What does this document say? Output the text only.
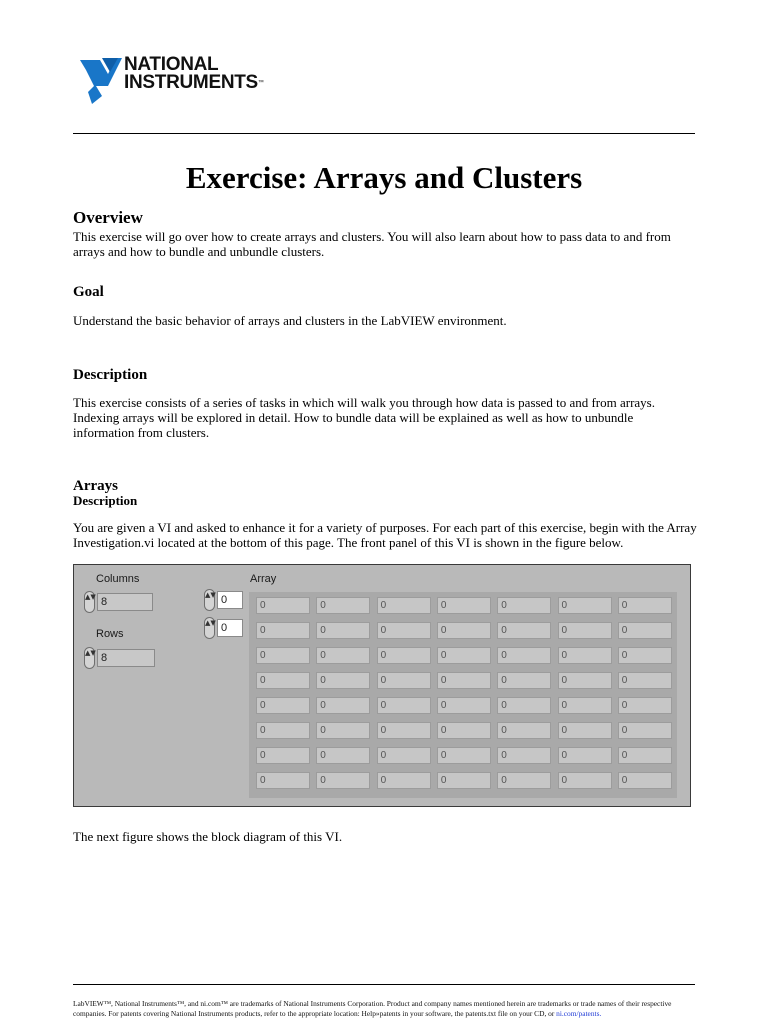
NATIONAL
INSTRUMENTS™
Exercise: Arrays and Clusters
Overview

This exercise will go over how to create arrays and clusters. You will also learn about how to pass data to and from arrays and how to bundle and unbundle clusters.

Goal

Understand the basic behavior of arrays and clusters in the LabVIEW environment.

Description

This exercise consists of a series of tasks in which will walk you through how data is passed to and from arrays. Indexing arrays will be explored in detail. How to bundle data will be explained as well as how to unbundle information from clusters.

Arrays
Description

You are given a VI and asked to enhance it for a variety of purposes. For each part of this exercise, begin with the Array Investigation.vi located at the bottom of this page. The front panel of this VI is shown in the figure below.

Columns
▲▼ 8
Rows
▲▼ 8
Array
▲▼ 0
▲▼ 0
0	0	0	0	0	0	0
0	0	0	0	0	0	0
0	0	0	0	0	0	0
0	0	0	0	0	0	0
0	0	0	0	0	0	0
0	0	0	0	0	0	0
0	0	0	0	0	0	0
0	0	0	0	0	0	0

The next figure shows the block diagram of this VI.

LabVIEW™, National Instruments™, and ni.com™ are trademarks of National Instruments Corporation. Product and company names mentioned herein are trademarks or trade names of their respective companies. For patents covering National Instruments products, refer to the appropriate location: Help»patents in your software, the patents.txt file on your CD, or ni.com/patents.
